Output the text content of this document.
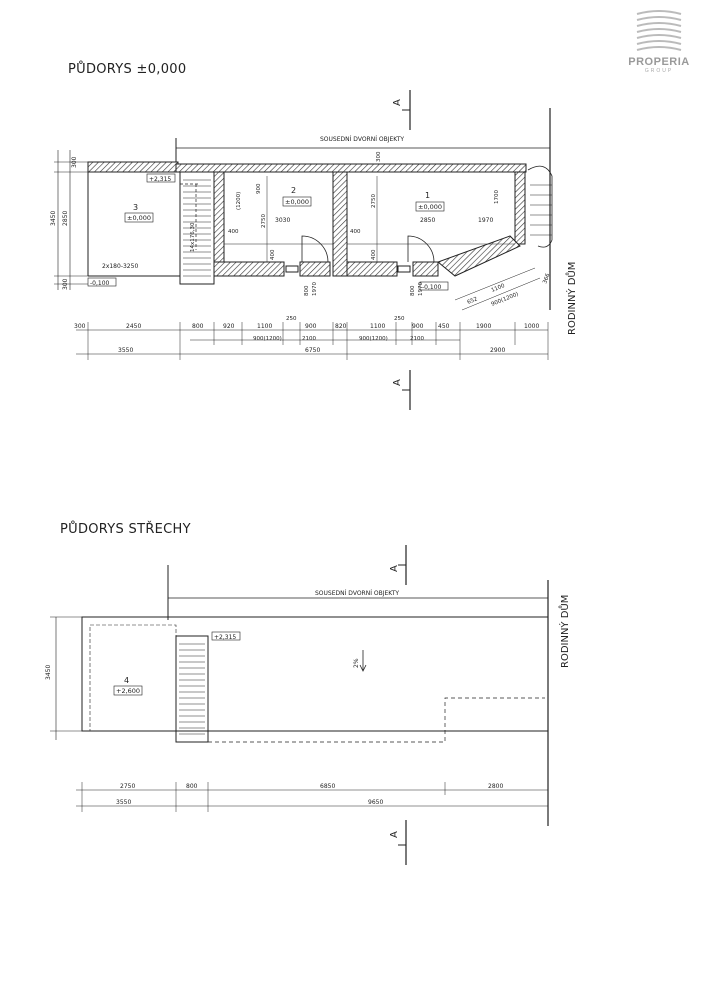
PŮDORYS ±0,000
PŮDORYS STŘECHY
PROPERIA
GROUP
SOUSEDNÍ DVORNÍ OBJEKTY
RODINNÝ DŮM
A
A
3
±0,000
2
±0,000
1
±0,000
+2,315
-0,100
-0,100
2x180-3250
14x176,30
300
3450 2850
300
300
900
(1200)
2750
2750	1700
400
3030
400
2850	1970
400	400
800 1970	800 1970
652
1100
900(1200)
366
300	2450	800	920	1100	900	820	1100	900 450	1900	1000
250	250
900(1200)	2100	900(1200)	2100
3550	6750	2900
SOUSEDNÍ DVORNÍ OBJEKTY
RODINNÝ DŮM
A
A
4
+2,600
+2,315
2%
3450
2750	800	6850	2800
3550	9650
